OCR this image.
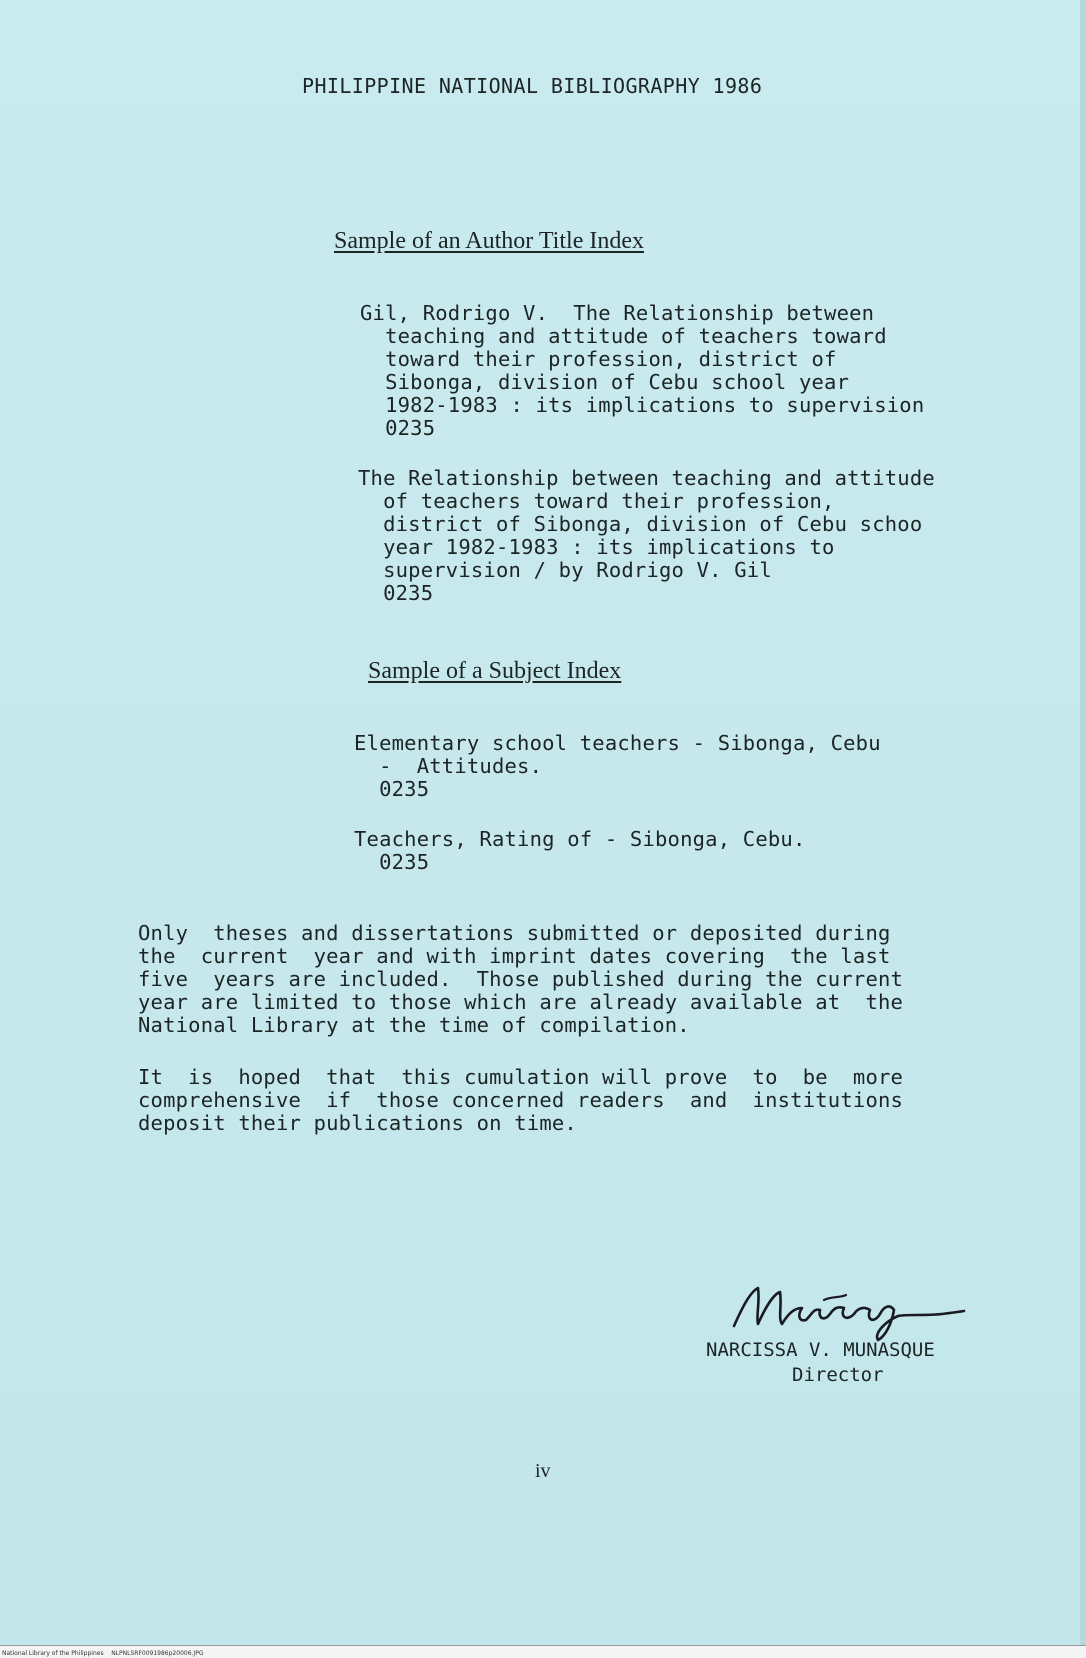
PHILIPPINE NATIONAL BIBLIOGRAPHY 1986
Sample of an Author Title Index
Gil, Rodrigo V.  The Relationship between
teaching and attitude of teachers toward
toward their profession, district of
Sibonga, division of Cebu school year
1982-1983 : its implications to supervision
0235
The Relationship between teaching and attitude
of teachers toward their profession,
district of Sibonga, division of Cebu schoo
year 1982-1983 : its implications to
supervision / by Rodrigo V. Gil
0235
Sample of a Subject Index
Elementary school teachers - Sibonga, Cebu
-  Attitudes.
0235
Teachers, Rating of - Sibonga, Cebu.
0235
Only  theses and dissertations submitted or deposited during
the  current  year and with imprint dates covering  the last
five  years are included.  Those published during the current
year are limited to those which are already available at  the
National Library at the time of compilation.
It  is  hoped  that  this cumulation will prove  to  be  more
comprehensive  if  those concerned readers  and  institutions
deposit their publications on time.
NARCISSA V. MUNASQUE
Director
iv
National Library of the Philippines    NLPNLSRF0091986p20006.JPG
